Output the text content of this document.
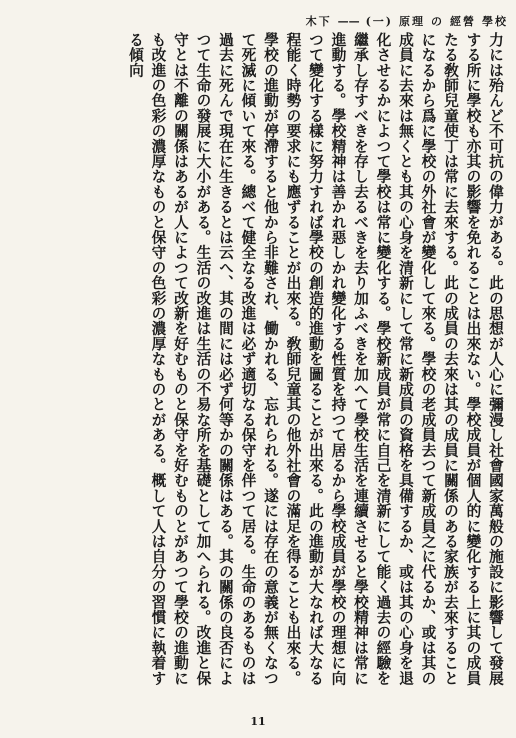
學校
經營
の
原理
(一)
——
木下

力には殆んど不可抗の偉力がある。此の思想が人心に彌漫し社會國家萬般の施設に影響して發展する所に學校も亦其の影響を免れることは出來ない。學校成員が個人的に變化する上に其の成員たる敎師兒童使丁は常に去來する。此の成員の去來は其の成員に關係のある家族が去來することになるから爲に學校の外社會が變化して來る。學校の老成員去つて新成員之に代るか、或は其の成員に去來は無くとも其の心身を清新にして常に新成員の資格を具備するか、或は其の心身を退化させるかによつて學校は常に變化する。學校新成員が常に自己を清新にして能く過去の經驗を繼承し存すべきを存し去るべきを去り加ふべきを加へて學校生活を連續させると學校精神は常に進動する。學校精神は善かれ惡しかれ變化する性質を持つて居るから學校成員が學校の理想に向つて變化する樣に努力すれば學校の創造的進動を圖ることが出來る。此の進動が大なれば大なる程能く時勢の要求にも應ずることが出來る。敎師兒童其の他外社會の滿足を得ることも出來る。學校の進動が停滯すると他から非難され、働かれる、忘れられる。遂には存在の意義が無くなつて死滅に傾いて來る。總べて健全なる改進は必ず適切なる保守を伴つて居る。生命のあるものは過去に死んで現在に生きるとは云へ、其の間には必ず何等かの關係はある。其の關係の良否によつて生命の發展に大小がある。生活の改進は生活の不易な所を基礎として加へられる。改進と保守とは不離の關係はあるが人によつて改新を好むものと保守を好むものとがあつて學校の進動にも改進の色彩の濃厚なものと保守の色彩の濃厚なものとがある。概して人は自分の習慣に執着する傾向

11
